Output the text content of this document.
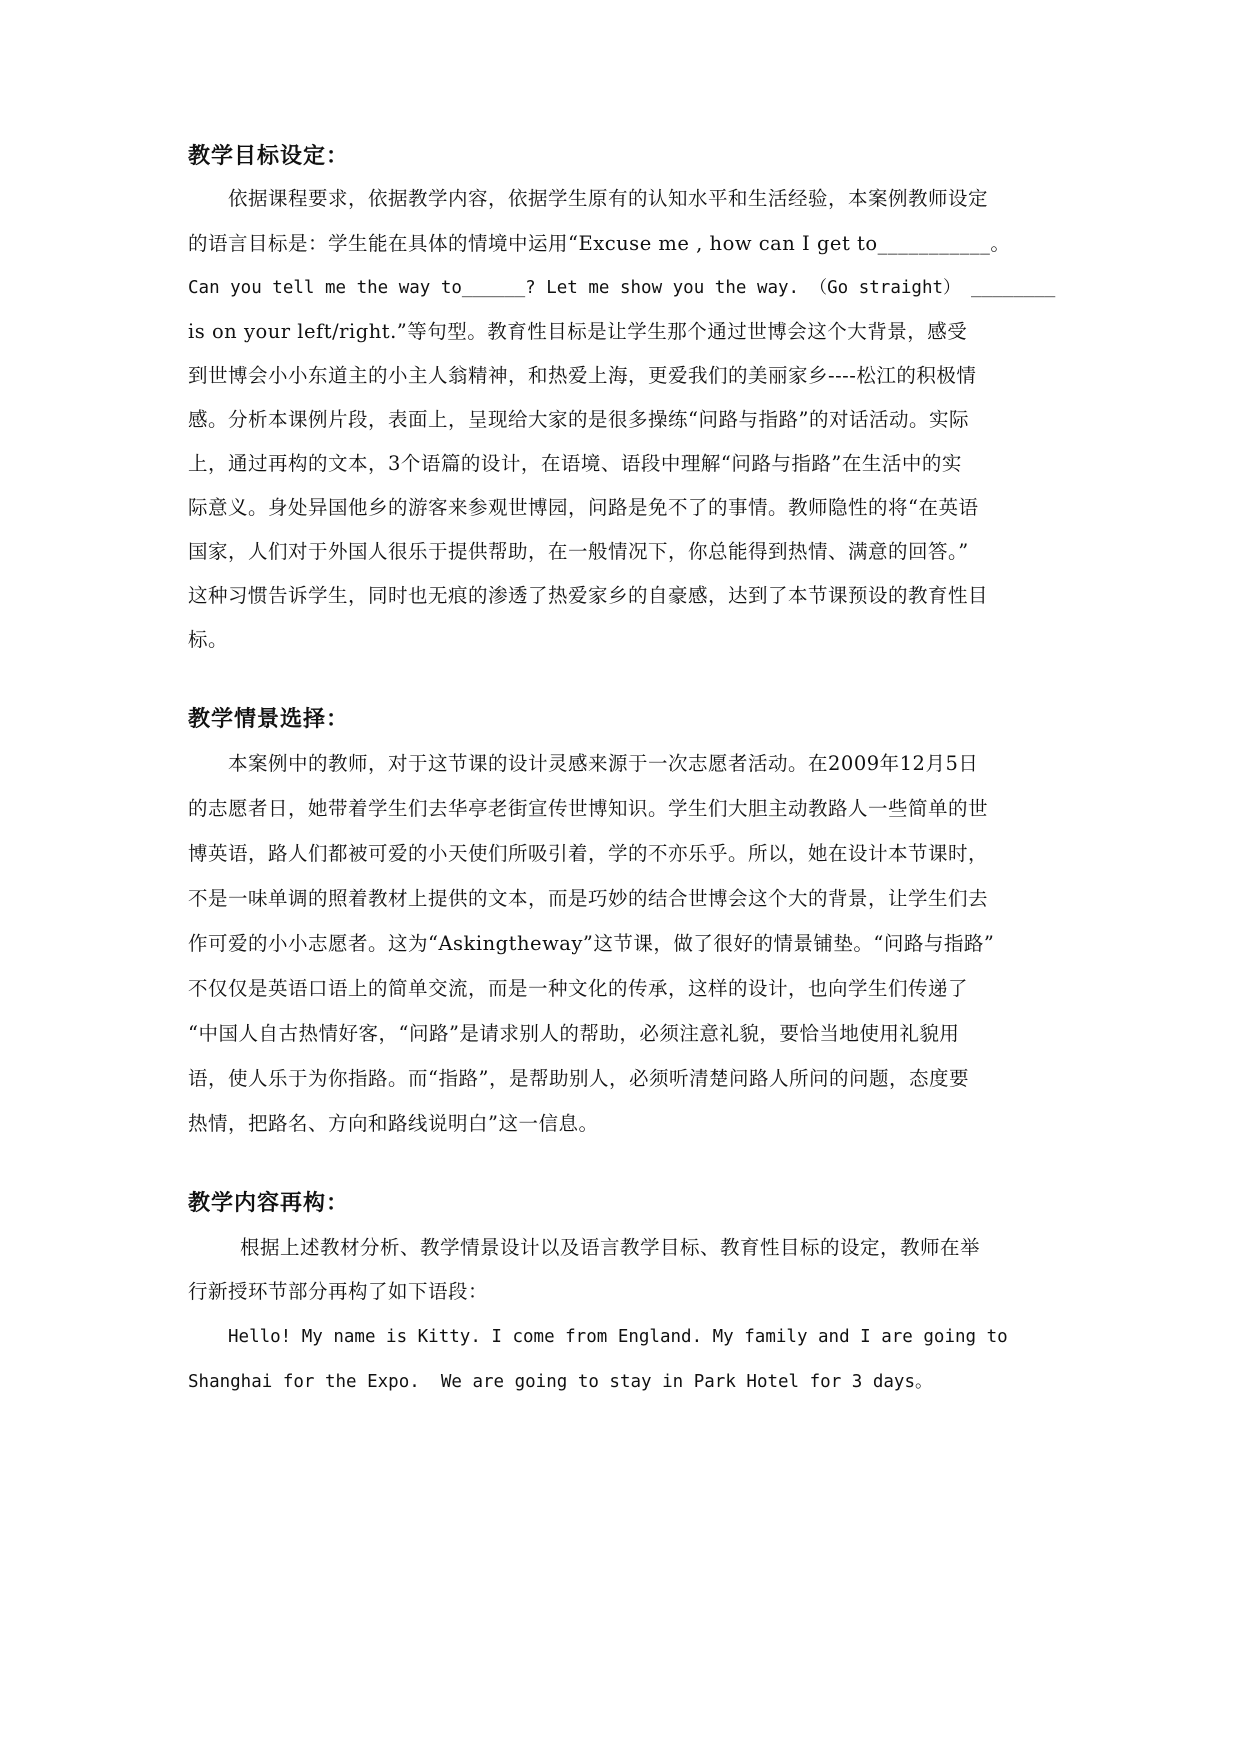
教学目标设定：

依据课程要求，依据教学内容，依据学生原有的认知水平和生活经验，本案例教师设定

的语言目标是：学生能在具体的情境中运用“Excuse me , how can I get to___________。

Can you tell me the way to______? Let me show you the way. （Go straight） ________

is on your left/right.”等句型。教育性目标是让学生那个通过世博会这个大背景，感受

到世博会小小东道主的小主人翁精神，和热爱上海，更爱我们的美丽家乡----松江的积极情

感。分析本课例片段，表面上，呈现给大家的是很多操练“问路与指路”的对话活动。实际

上，通过再构的文本，3个语篇的设计，在语境、语段中理解“问路与指路”在生活中的实

际意义。身处异国他乡的游客来参观世博园，问路是免不了的事情。教师隐性的将“在英语

国家，人们对于外国人很乐于提供帮助，在一般情况下，你总能得到热情、满意的回答。”

这种习惯告诉学生，同时也无痕的渗透了热爱家乡的自豪感，达到了本节课预设的教育性目

标。

教学情景选择：

本案例中的教师，对于这节课的设计灵感来源于一次志愿者活动。在2009年12月5日

的志愿者日，她带着学生们去华亭老街宣传世博知识。学生们大胆主动教路人一些简单的世

博英语，路人们都被可爱的小天使们所吸引着，学的不亦乐乎。所以，她在设计本节课时，

不是一味单调的照着教材上提供的文本，而是巧妙的结合世博会这个大的背景，让学生们去

作可爱的小小志愿者。这为“Askingtheway”这节课，做了很好的情景铺垫。“问路与指路”

不仅仅是英语口语上的简单交流，而是一种文化的传承，这样的设计，也向学生们传递了

“中国人自古热情好客，“问路”是请求别人的帮助，必须注意礼貌，要恰当地使用礼貌用

语，使人乐于为你指路。而“指路”，是帮助别人，必须听清楚问路人所问的问题，态度要

热情，把路名、方向和路线说明白”这一信息。

教学内容再构：

根据上述教材分析、教学情景设计以及语言教学目标、教育性目标的设定，教师在举

行新授环节部分再构了如下语段：

Hello! My name is Kitty. I come from England. My family and I are going to

Shanghai for the Expo.  We are going to stay in Park Hotel for 3 days。
